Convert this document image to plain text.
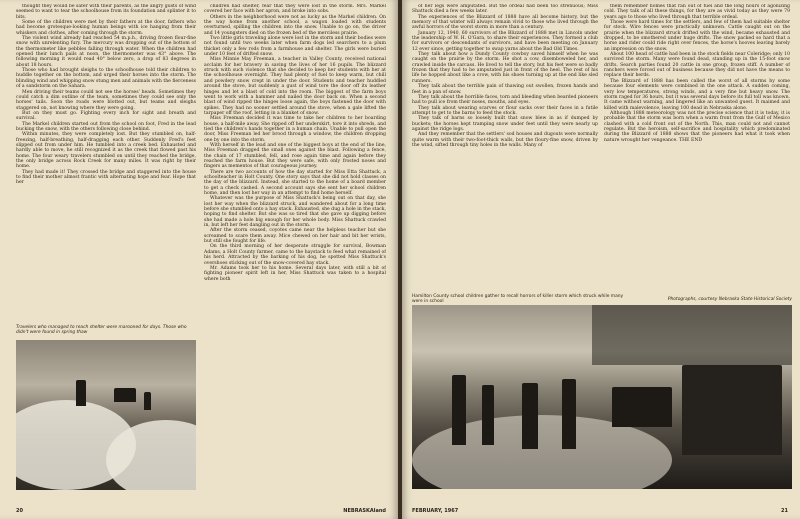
thought they would be safer with their parents, as the angry gusts of wind seemed to want to tear the schoolhouse from its foundation and splinter it to bits.

Some of the children were met by their fathers at the door, fathers who had become grotesque-looking human beings with ice hanging from their whiskers and clothes, after coming through the storm.

The violent wind already had reached 54 m.p.h., driving frozen flour-fine snow with unrelenting fury. The mercury was dropping out of the bottom of the thermometer like pebbles falling through water. When the children had opened their lunch pails at noon, the thermometer was 43° above. The following morning it would read 40° below zero, a drop of 83 degrees in about 18 hours.

Those who had brought sleighs to the schoolhouse told their children to huddle together on the bottom, and urged their horses into the storm. The blinding wind and whipping snow stung men and animals with the fierceness of a sandstorm on the Sahara.

Men driving their teams could not see the horses' heads. Sometimes they could catch a dim outline of the team, sometimes they could see only the horses' tails. Soon the roads were blotted out, but teams and sleighs staggered on, not knowing where they were going.

But on they must go. Fighting every inch for sight and breath and survival.

The Markel children started out from the school on foot, Fred in the lead bucking the snow, with the others following close behind.

Within minutes, they were completely lost. But they stumbled on, half-freezing, half-breathing, half-dragging each other. Suddenly Fred's feet slipped out from under him. He tumbled into a creek bed. Exhausted and hardly able to move, he still recognized it as the creek that flowed past his home. The four weary travelers stumbled on until they reached the bridge, the only bridge across Rock Creek for many miles. It was right by their home.

They had made it! They crossed the bridge and staggered into the house to find their mother almost frantic with alternating hope and fear. Hope that her

Travelers who managed to reach shelter were marooned for days. Those who didn't were found in spring thaw

children had shelter, fear that they were lost in the storm. Mrs. Markel covered her face with her apron, and broke into sobs.

Others in the neighborhood were not as lucky as the Markel children. On the way home from another school, a wagon loaded with students overturned, spilling the children into the snow. Unable to go on, the driver and 14 youngsters died on the frozen bed of the merciless prairie.

Two little girls traveling alone were lost in the storm and their bodies were not found until two weeks later when farm dogs led searchers to a plum thicket only a few rods from a farmhouse and shelter. The girls were buried under 10 feet of drifted snow.

Miss Minnie May Freeman, a teacher in Valley County, received national acclaim for her bravery in saving the lives of her 16 pupils. The blizzard struck with such violence that she decided to keep her students with her at the schoolhouse overnight. They had plenty of fuel to keep warm, but chill and powdery snow crept in under the door. Students and teacher huddled around the stove, but suddenly a gust of wind tore the door off its leather hinges and let a blast of cold into the room. The biggest of the farm boys went to work with a hammer and nailed the door back on. When a second blast of wind ripped the hinges loose again, the boys fastened the door with spikes. They had no sooner settled around the stove, when a gale lifted the tarpaper off the roof, letting in a blanket of snow.

Miss Freeman decided it was time to take her children to her boarding house, a half-mile away. She ripped off her underskirt, tore it into shreds, and tied the children's hands together in a human chain. Unable to pull open the door, Miss Freeman led her brood through a window, the children dropping one by one into the storm.

With herself in the lead and one of the biggest boys at the end of the line, Miss Freeman dragged the small ones against the blast. Following a fence, the chain of 17 stumbled, fell, and rose again time and again before they reached the farm house. But they were safe, with only frosted noses and fingers as mementos of that courageous journey.

There are two accounts of how the day started for Miss Etta Shattuck, a schoolteacher in Holt County. One story says that she did not hold classes on the day of the blizzard. Instead, she started to the home of a board member to get a check cashed. A second account says she sent her school children home, and then lost her way in an attempt to find home herself.

Whatever was the purpose of Miss Shattuck's being out on that day, she lost her way when the blizzard struck, and wandered about for a long time before she stumbled onto a hay stack. Exhausted, she dug a hole in the stack, hoping to find shelter. But she was so tired that she gave up digging before she had made a hole big enough for her whole body. Miss Shattuck crawled in, but left her feet dangling out in the storm.

After the storm ceased, coyotes came near the helpless teacher but she screamed to scare them away. Mice chewed on her hair and bit her wrists, but still she fought for life.

On the third morning of her desperate struggle for survival, Bowman Adams, a Holt County farmer, came to the haystack to feed what remained of his herd. Attracted by the barking of his dog, he spotted Miss Shattuck's overshoes sticking out of the snow-covered hay stack.

Mr. Adams took her to his home. Several days later, with still a bit of fighting pioneer spirit left in her, Miss Shattuck was taken to a hospital where both

20	NEBRASKAland

of her legs were amputated. But the ordeal had been too strenuous; Miss Shattuck died a few weeks later.

The experiences of the Blizzard of 1888 have all become history, but the memory of that winter will always remain vivid to those who lived through the awful horrors of the worst storm in more than a century.

January 12, 1940, 60 survivors of the Blizzard of 1888 met in Lincoln under the leadership of W. H. O'Gara, to share their experiences. They formed a club for survivors or descendants of survivors, and have been meeting on January 12 ever since, getting together to swap yarns about the Bad Old Times.

They talk about how a Dundy County cowboy saved himself when he was caught on the prairie by the storm. He shot a cow, disemboweled her, and crawled inside the carcass. He lived to tell the story, but his feet were so badly frozen that they had to be amputated just in front of the heel. The rest of his life he hopped about like a crow, with his shoes turning up at the end like sled runners.

They talk about the terrible pain of thawing out swollen, frozen hands and feet in a pan of snow.

They talk about the horrible faces, torn and bleeding when bearded pioneers had to pull ice from their noses, mouths, and eyes.

They talk about wearing scarves or flour sacks over their faces in a futile attempt to get to the barns to feed the stock.

They talk of barns so loosely built that snow blew in as if dumped by buckets; the horses kept tramping snow under feet until they were nearly up against the ridge logs.

And they remember that the settlers' sod houses and dugouts were normally quite warm with their two-foot-thick walls, but the floury-fine snow, driven by the wind, sifted through tiny holes in the walls. Many of

them remember homes that ran out of fuel and the long hours of agonizing cold. They talk of all these things, for they are as vivid today as they were 79 years ago to those who lived through that terrible ordeal.

Those were hard times for the settlers, and few of them had suitable shelter for stock. Wire fences were practically unknown. Cattle caught out on the prairie when the blizzard struck drifted with the wind, became exhausted and dropped, to be smothered under huge drifts. The snow packed so hard that a horse and rider could ride right over fences, the horse's hooves leaving barely an impression on the snow.

About 100 head of cattle had been in the stock fields near Coleridge; only 10 survived the storm. Many were found dead, standing up in the 15-foot snow drifts. Search parties found 20 cattle in one group, frozen stiff. A number of ranchers were forced out of business because they did not have the means to replace their herds.

The Blizzard of 1888 has been called the worst of all storms by some because four elements were combined in the one attack. A sudden coming, very low temperatures, strong winds, and a very fine but heavy snow. The storm raged for 36 hours, but it was several days before its full toll was known. It came without warning, and lingered like an unwanted guest. It maimed and killed with malevolence, leaving 100 dead in Nebraska alone.

Although 1888 meteorology was not the precise science that it is today, it is probable that the storm was born when a warm front from the Gulf of Mexico clashed with a cold front out of the North. This, man could not and cannot regulate. But the heroism, self-sacrifice and hospitality which predominated during the Blizzard of 1888 shows that the pioneers had what it took when nature wrought her vengeance. THE END

Hamilton County school children gather to recall horrors of killer storm which struck while many were in school	Photographs, courtesy Nebraska State Historical Society
FEBRUARY, 1967	21
